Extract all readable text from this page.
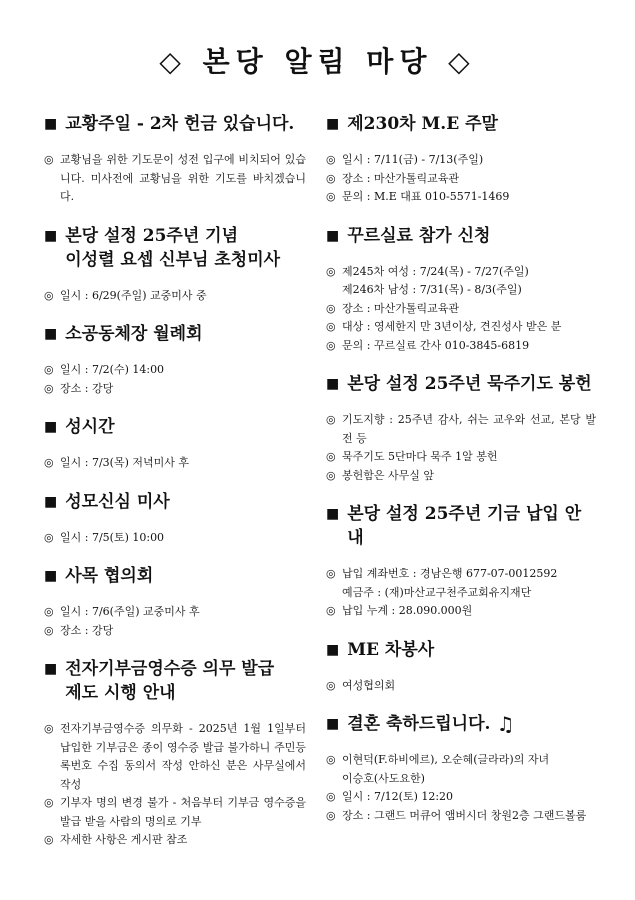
◇ 본당 알림 마당 ◇
■ 교황주일 - 2차 헌금 있습니다.
◎ 교황님을 위한 기도문이 성전 입구에 비치되어 있습니다. 미사전에 교황님을 위한 기도를 바치겠습니다.
■ 본당 설정 25주년 기념
이성렬 요셉 신부님 초청미사
◎ 일시 : 6/29(주일) 교중미사 중
■ 소공동체장 월례회
◎ 일시 : 7/2(수) 14:00
◎ 장소 : 강당
■ 성시간
◎ 일시 : 7/3(목) 저녁미사 후
■ 성모신심 미사
◎ 일시 : 7/5(토) 10:00
■ 사목 협의회
◎ 일시 : 7/6(주일) 교중미사 후
◎ 장소 : 강당
■ 전자기부금영수증 의무 발급
제도 시행 안내
◎ 전자기부금영수증 의무화 - 2025년 1월 1일부터 납입한 기부금은 종이 영수증 발급 불가하니 주민등록번호 수집 동의서 작성 안하신 분은 사무실에서 작성
◎ 기부자 명의 변경 불가 - 처음부터 기부금 영수증을 발급 받을 사람의 명의로 기부
◎ 자세한 사항은 게시판 참조
■ 제230차 M.E 주말
◎ 일시 : 7/11(금) - 7/13(주일)
◎ 장소 : 마산가톨릭교육관
◎ 문의 : M.E 대표 010-5571-1469
■ 꾸르실료 참가 신청
◎ 제245차 여성 : 7/24(목) - 7/27(주일)
제246차 남성 : 7/31(목) - 8/3(주일)
◎ 장소 : 마산가톨릭교육관
◎ 대상 : 영세한지 만 3년이상, 견진성사 받은 분
◎ 문의 : 꾸르실료 간사 010-3845-6819
■ 본당 설정 25주년 묵주기도 봉헌
◎ 기도지향 : 25주년 감사, 쉬는 교우와 선교, 본당 발전 등
◎ 묵주기도 5단마다 묵주 1알 봉헌
◎ 봉헌함은 사무실 앞
■ 본당 설정 25주년 기금 납입 안내
◎ 납입 계좌번호 : 경남은행 677-07-0012592
예금주 : (재)마산교구천주교회유지재단
◎ 납입 누계 : 28.090.000원
■ ME 차봉사
◎ 여성협의회
■ 결혼 축하드립니다. ♫
◎ 이현덕(F.하비에르), 오순혜(글라라)의 자녀
이승호(사도요한)
◎ 일시 : 7/12(토) 12:20
◎ 장소 : 그랜드 머큐어 앰버시더 창원2층 그랜드볼룸
